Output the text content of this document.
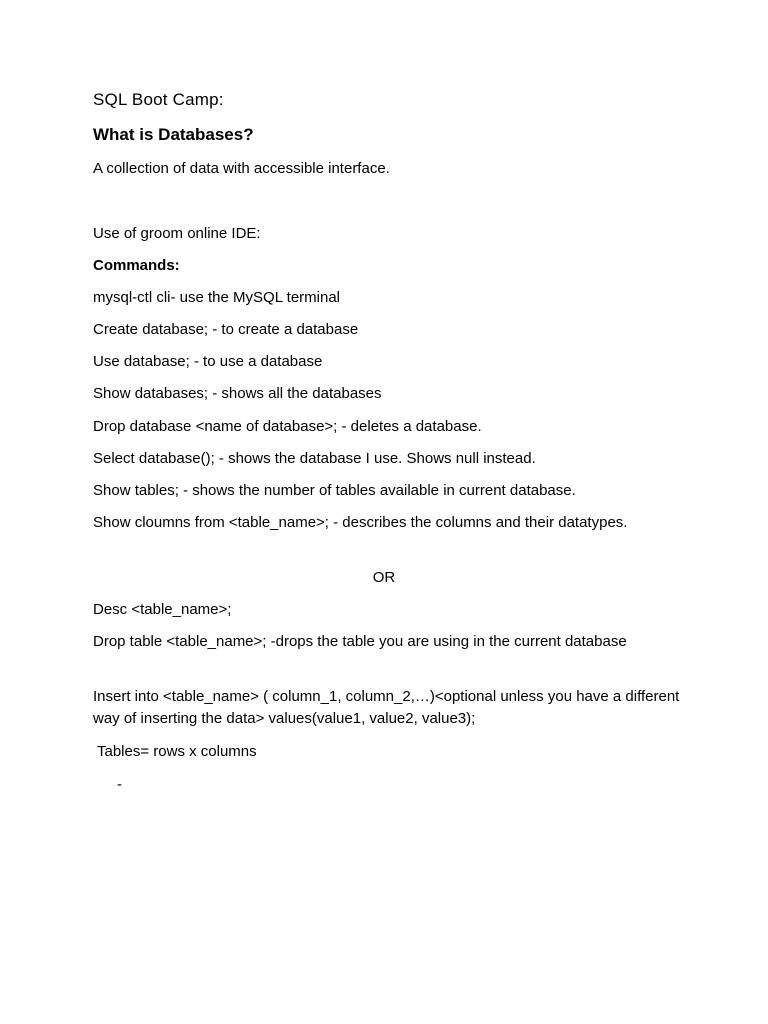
SQL Boot Camp:
What is Databases?
A collection of data with accessible interface.
Use of groom online IDE:
Commands:
mysql-ctl cli- use the MySQL terminal
Create database; - to create a database
Use database; - to use a database
Show databases; - shows all the databases
Drop database <name of database>; - deletes a database.
Select database(); - shows the database I use. Shows null instead.
Show tables; - shows the number of tables available in current database.
Show cloumns from <table_name>; - describes the columns and their datatypes.
OR
Desc <table_name>;
Drop table <table_name>; -drops the table you are using in the current database
Insert into <table_name> ( column_1, column_2,…)<optional unless you have a different way of inserting the data> values(value1, value2, value3);
Tables= rows x columns
-
